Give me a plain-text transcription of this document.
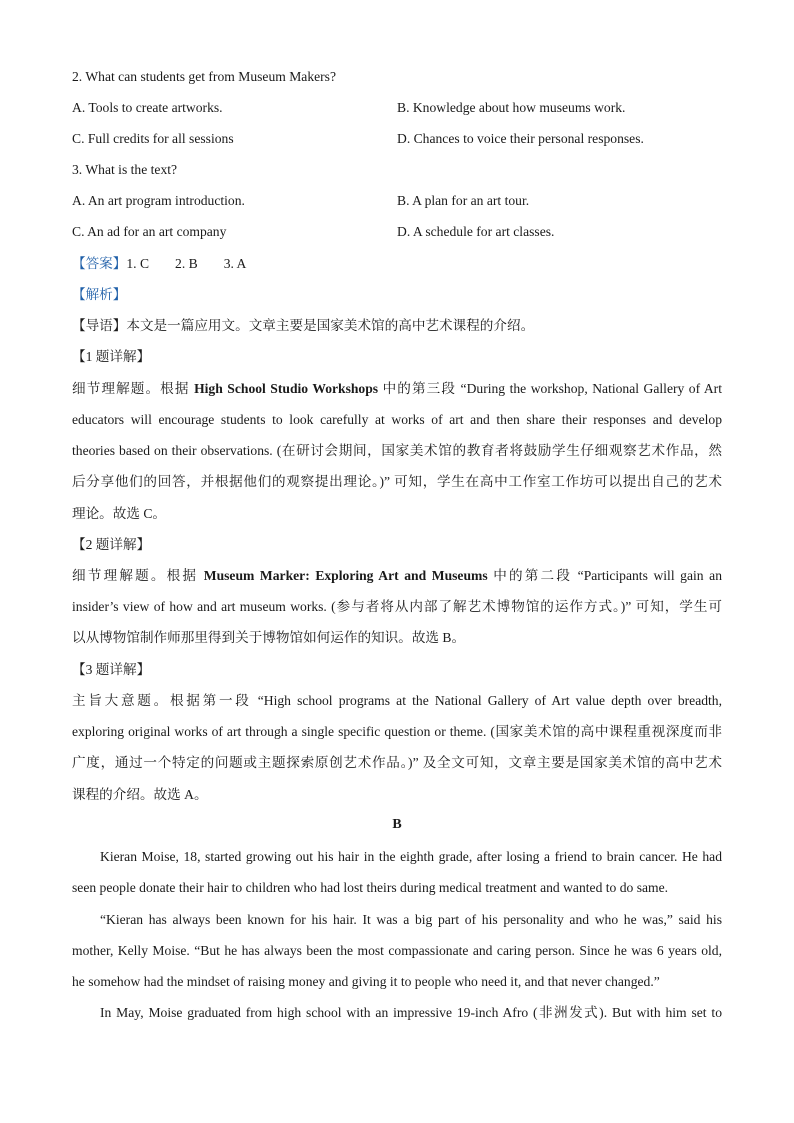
2. What can students get from Museum Makers?
A. Tools to create artworks.	B. Knowledge about how museums work.
C. Full credits for all sessions	D. Chances to voice their personal responses.
3. What is the text?
A. An art program introduction.	B. A plan for an art tour.
C. An ad for an art company	D. A schedule for art classes.
【答案】1. C 2. B 3. A
【解析】
【导语】本文是一篇应用文。文章主要是国家美术馆的高中艺术课程的介绍。
【1 题详解】
细节理解题。根据 High School Studio Workshops 中的第三段 “During the workshop, National Gallery of Art
educators will encourage students to look carefully at works of art and then share their responses and develop
theories based on their observations. (在研讨会期间，国家美术馆的教育者将鼓励学生仔细观察艺术作品，然
后分享他们的回答，并根据他们的观察提出理论。)” 可知，学生在高中工作室工作坊可以提出自己的艺术
理论。故选 C。
【2 题详解】
细节理解题。根据 Museum Marker: Exploring Art and Museums 中的第二段 “Participants will gain an
insider’s view of how and art museum works. (参与者将从内部了解艺术博物馆的运作方式。)” 可知，学生可
以从博物馆制作师那里得到关于博物馆如何运作的知识。故选 B。
【3 题详解】
主旨大意题。根据第一段 “High school programs at the National Gallery of Art value depth over breadth,
exploring original works of art through a single specific question or theme. (国家美术馆的高中课程重视深度而非
广度，通过一个特定的问题或主题探索原创艺术作品。)” 及全文可知，文章主要是国家美术馆的高中艺术
课程的介绍。故选 A。
B
Kieran Moise, 18, started growing out his hair in the eighth grade, after losing a friend to brain cancer. He had
seen people donate their hair to children who had lost theirs during medical treatment and wanted to do same.
“Kieran has always been known for his hair. It was a big part of his personality and who he was,” said his
mother, Kelly Moise. “But he has always been the most compassionate and caring person. Since he was 6 years old,
he somehow had the mindset of raising money and giving it to people who need it, and that never changed.”
In May, Moise graduated from high school with an impressive 19-inch Afro (非洲发式). But with him set to
